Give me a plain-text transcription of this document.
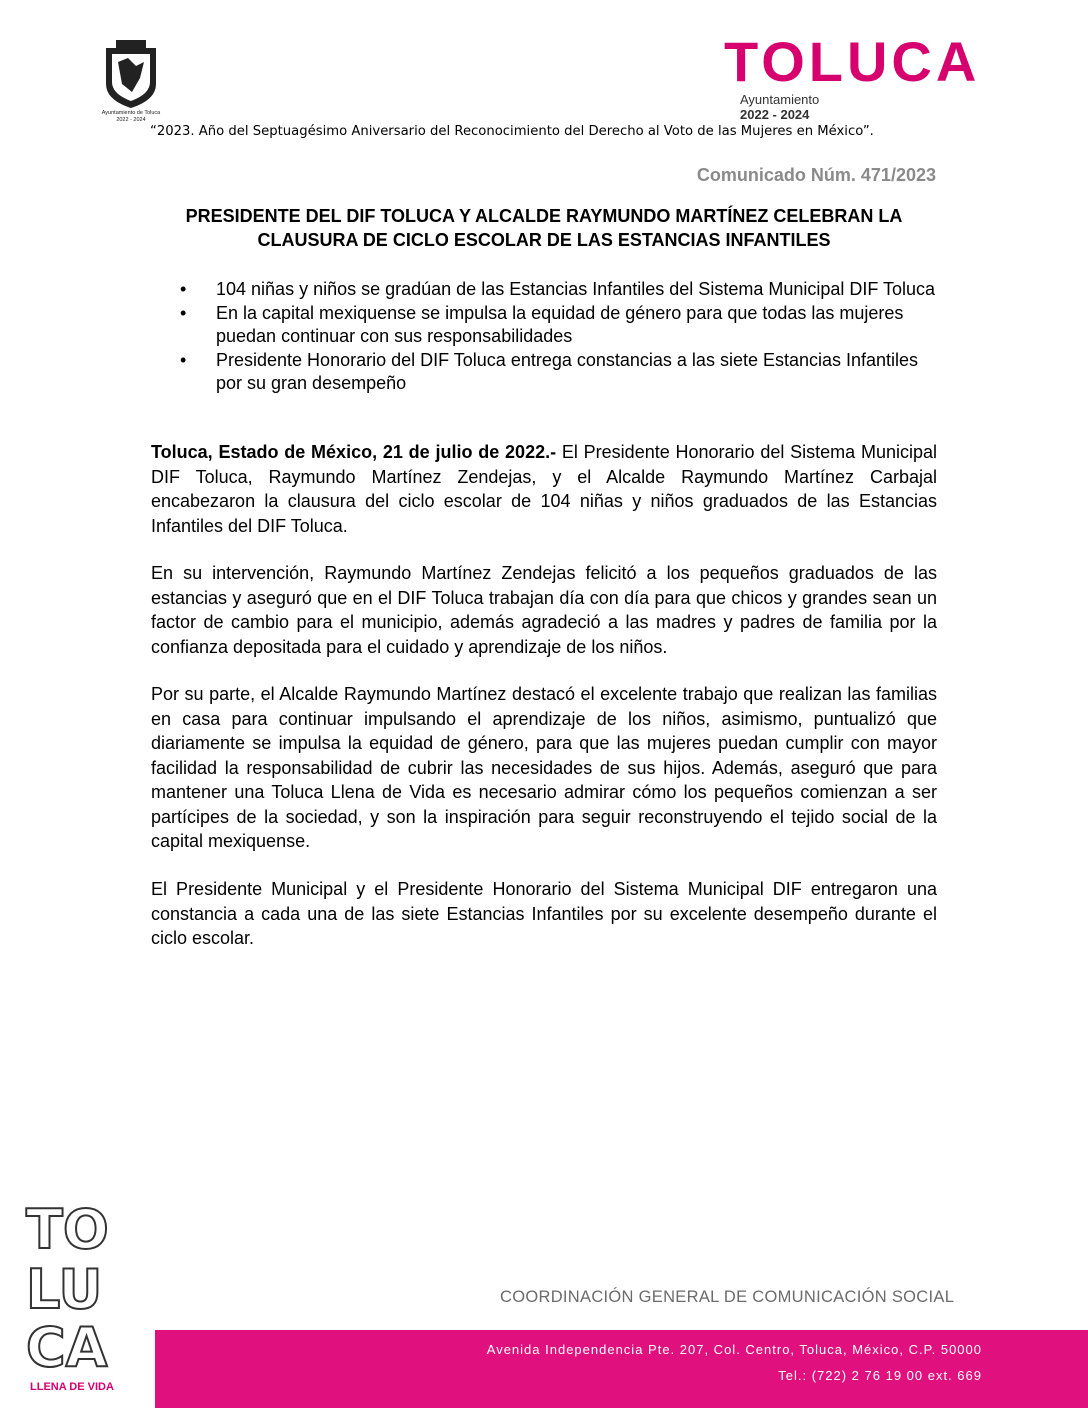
Ayuntamiento de Toluca
2022 - 2024
TOLUCA
Ayuntamiento
2022 - 2024
“2023. Año del Septuagésimo Aniversario del Reconocimiento del Derecho al Voto de las Mujeres en México”.
Comunicado Núm. 471/2023
PRESIDENTE DEL DIF TOLUCA Y ALCALDE RAYMUNDO MARTÍNEZ CELEBRAN LA CLAUSURA DE CICLO ESCOLAR DE LAS ESTANCIAS INFANTILES
• 104 niñas y niños se gradúan de las Estancias Infantiles del Sistema Municipal DIF Toluca
• En la capital mexiquense se impulsa la equidad de género para que todas las mujeres puedan continuar con sus responsabilidades
• Presidente Honorario del DIF Toluca entrega constancias a las siete Estancias Infantiles por su gran desempeño

Toluca, Estado de México, 21 de julio de 2022.- El Presidente Honorario del Sistema Municipal DIF Toluca, Raymundo Martínez Zendejas, y el Alcalde Raymundo Martínez Carbajal encabezaron la clausura del ciclo escolar de 104 niñas y niños graduados de las Estancias Infantiles del DIF Toluca.

En su intervención, Raymundo Martínez Zendejas felicitó a los pequeños graduados de las estancias y aseguró que en el DIF Toluca trabajan día con día para que chicos y grandes sean un factor de cambio para el municipio, además agradeció a las madres y padres de familia por la confianza depositada para el cuidado y aprendizaje de los niños.

Por su parte, el Alcalde Raymundo Martínez destacó el excelente trabajo que realizan las familias en casa para continuar impulsando el aprendizaje de los niños, asimismo, puntualizó que diariamente se impulsa la equidad de género, para que las mujeres puedan cumplir con mayor facilidad la responsabilidad de cubrir las necesidades de sus hijos. Además, aseguró que para mantener una Toluca Llena de Vida es necesario admirar cómo los pequeños comienzan a ser partícipes de la sociedad, y son la inspiración para seguir reconstruyendo el tejido social de la capital mexiquense.

El Presidente Municipal y el Presidente Honorario del Sistema Municipal DIF entregaron una constancia a cada una de las siete Estancias Infantiles por su excelente desempeño durante el ciclo escolar.

TO
LU
CA
LLENA DE VIDA
COORDINACIÓN GENERAL DE COMUNICACIÓN SOCIAL
Avenida Independencia Pte. 207, Col. Centro, Toluca, México, C.P. 50000
Tel.: (722) 2 76 19 00 ext. 669
